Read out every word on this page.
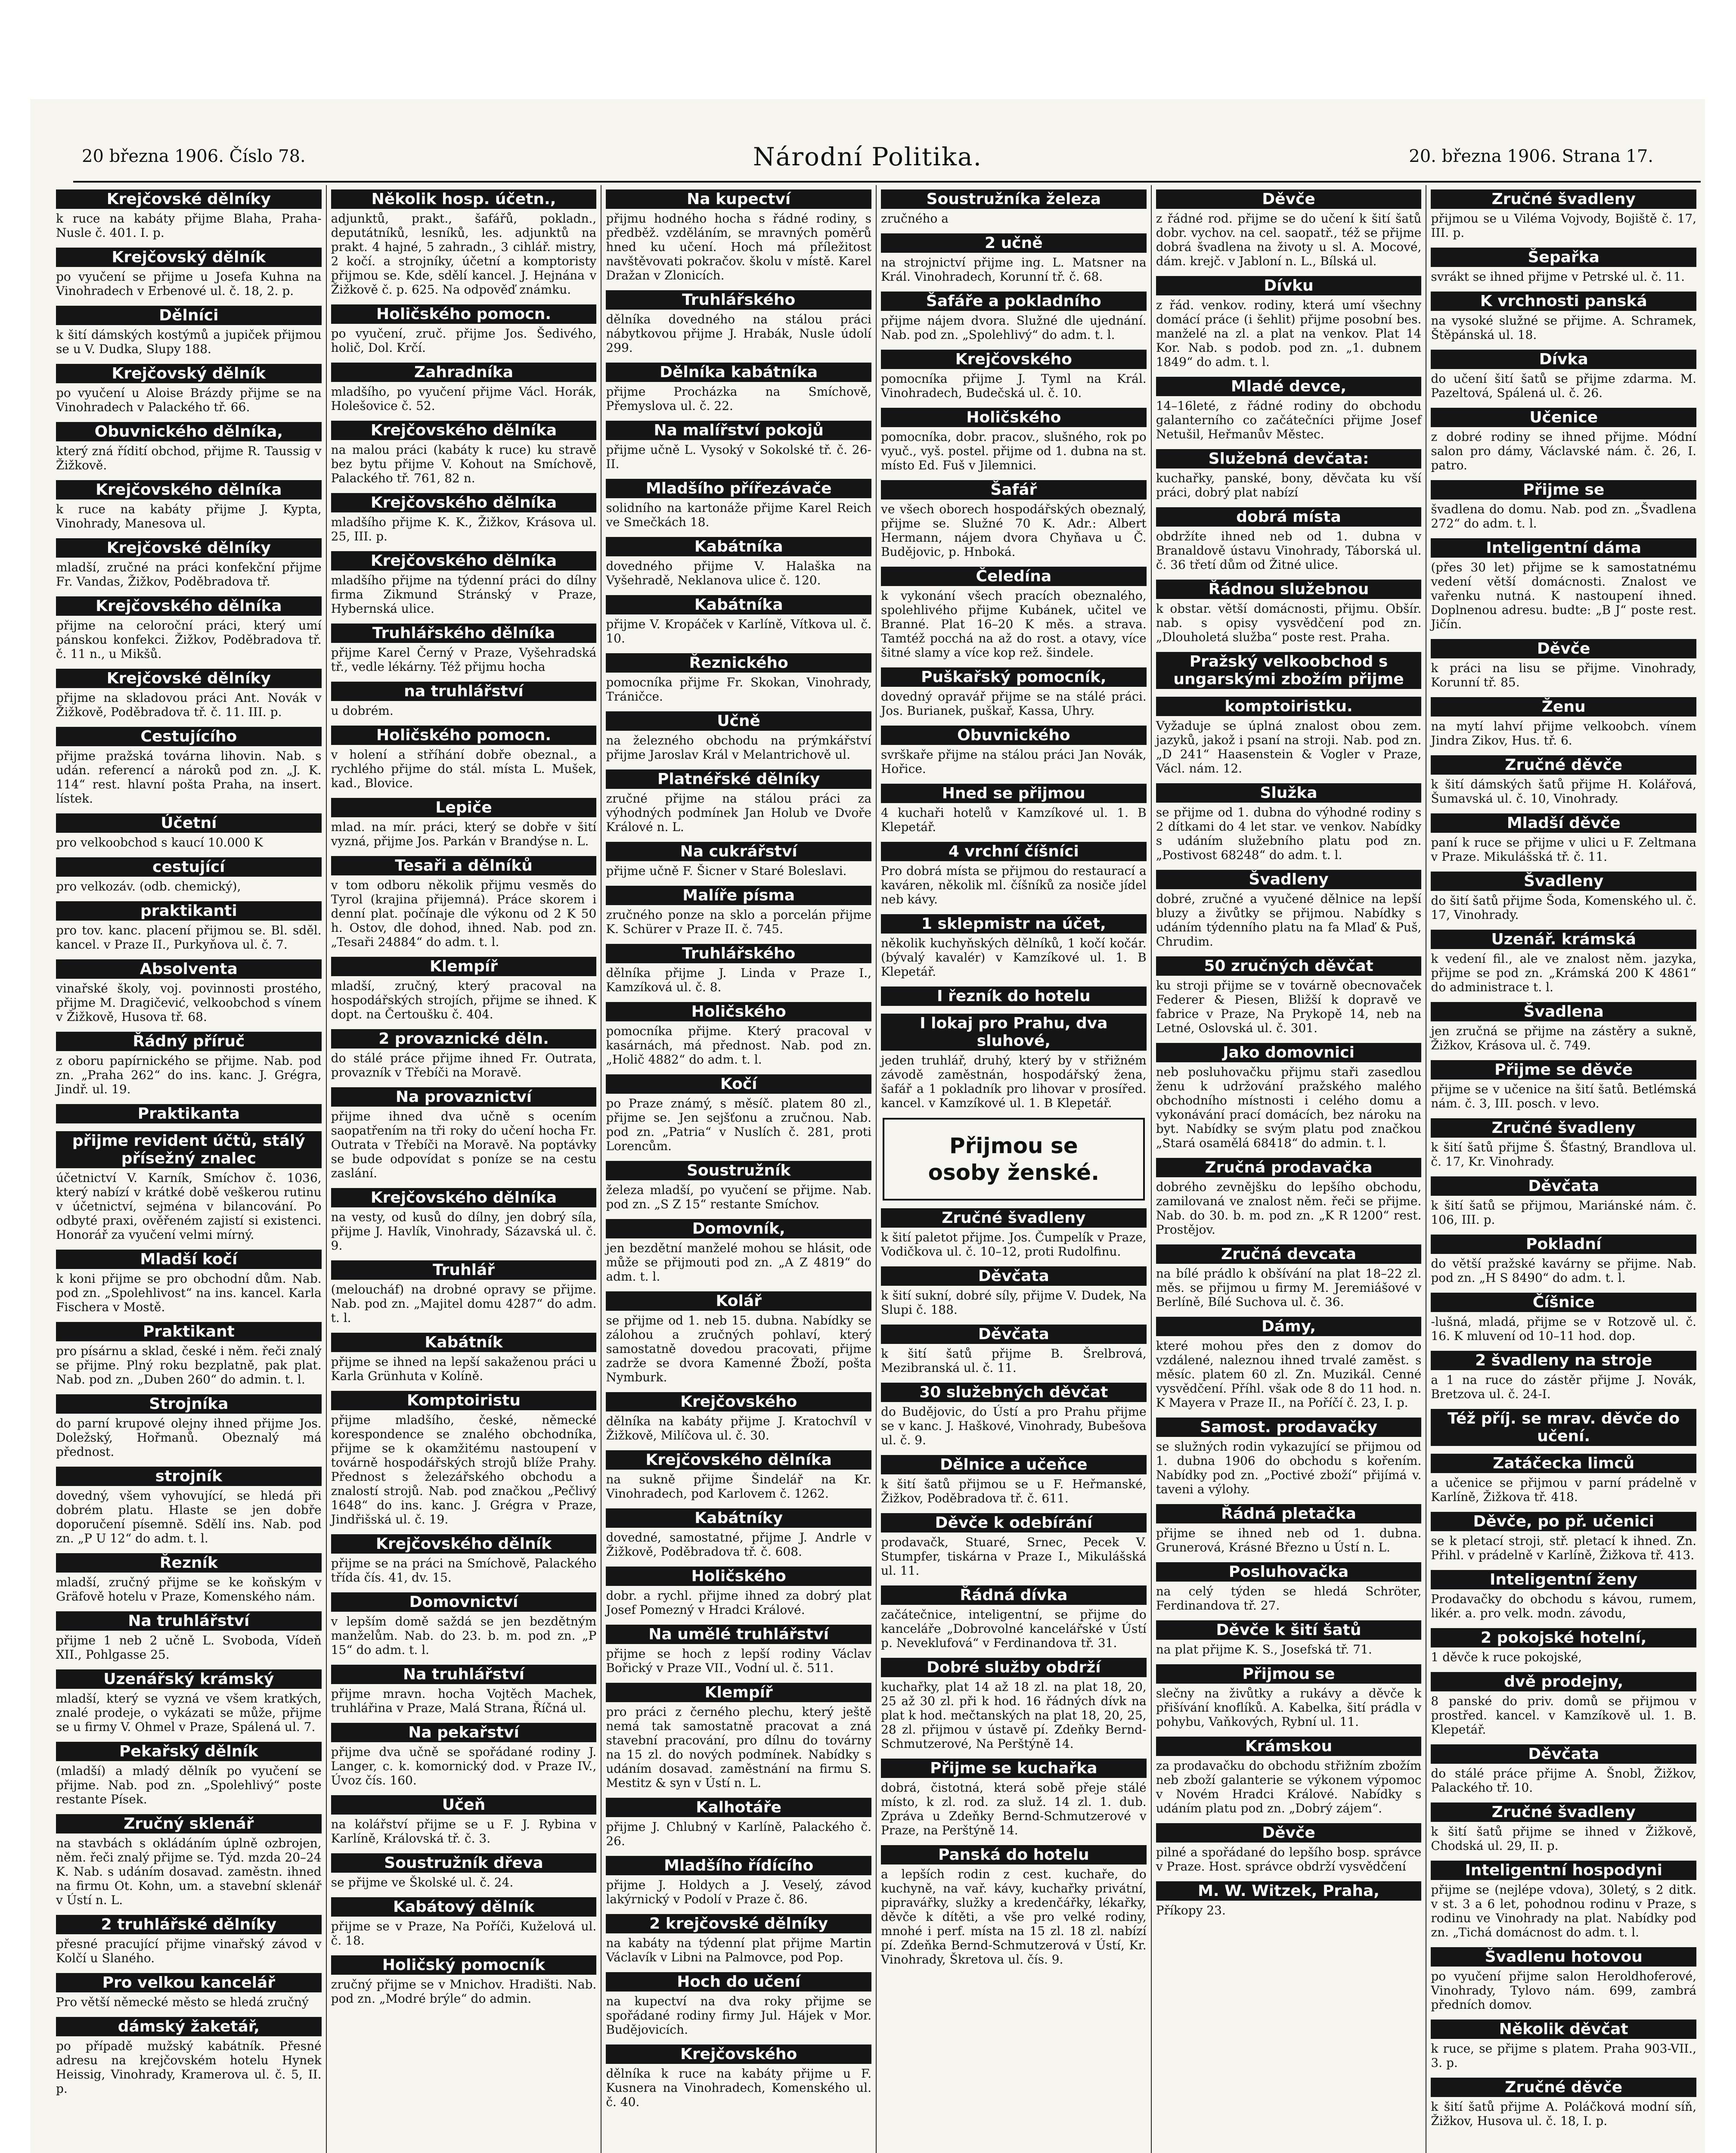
20 března 1906. Číslo 78.	Národní Politika.	20. března 1906. Strana 17.
Krejčovské dělníky

k ruce na kabáty přijme Blaha, Praha-Nusle č. 401. I. p.

Krejčovský dělník

po vyučení se přijme u Josefa Kuhna na Vinohradech v Erbenové ul. č. 18, 2. p.

Dělníci

k šití dámských kostýmů a jupiček přijmou se u V. Dudka, Slupy 188.

Krejčovský dělník

po vyučení u Aloise Brázdy přijme se na Vinohradech v Palackého tř. 66.

Obuvnického dělníka,

který zná řídití obchod, přijme R. Taussig v Žižkově.

Krejčovského dělníka

k ruce na kabáty přijme J. Kypta, Vinohrady, Manesova ul.

Krejčovské dělníky

mladší, zručné na práci konfekční přijme Fr. Vandas, Žižkov, Poděbradova tř.

Krejčovského dělníka

přijme na celoroční práci, který umí pánskou konfekci. Žižkov, Poděbradova tř. č. 11 n., u Mikšů.

Krejčovské dělníky

přijme na skladovou práci Ant. Novák v Žižkově, Poděbradova tř. č. 11. III. p.

Cestujícího

přijme pražská továrna lihovin. Nab. s udán. referencí a nároků pod zn. „J. K. 114“ rest. hlavní pošta Praha, na insert. lístek.

Účetní

pro velkoobchod s kaucí 10.000 K

cestující

pro velkozáv. (odb. chemický),

praktikanti

pro tov. kanc. placení přijmou se. Bl. sděl. kancel. v Praze II., Purkyňova ul. č. 7.

Absolventa

vinařské školy, voj. povinnosti prostého, přijme M. Dragičević, velkoobchod s vínem v Žižkově, Husova tř. 68.

Řádný příruč

z oboru papírnického se přijme. Nab. pod zn. „Praha 262“ do ins. kanc. J. Grégra, Jindř. ul. 19.

Praktikanta

přijme revident účtů, stálý přísežný znalec

účetnictví V. Karník, Smíchov č. 1036, který nabízí v krátké době veškerou rutinu v účetnictví, sejména v bilancování. Po odbyté praxi, ověřeném zajistí si existenci. Honorář za vyučení velmi mírný.

Mladší kočí

k koni přijme se pro obchodní dům. Nab. pod zn. „Spolehlivost“ na ins. kancel. Karla Fischera v Mostě.

Praktikant

pro písárnu a sklad, české i něm. řeči znalý se přijme. Plný roku bezplatně, pak plat. Nab. pod zn. „Duben 260“ do admin. t. l.

Strojníka

do parní krupové olejny ihned přijme Jos. Doležský, Hořmanů. Obeznalý má přednost.

strojník

dovedný, všem vyhovující, se hledá při dobrém platu. Hlaste se jen dobře doporučení písemně. Sdělí ins. Nab. pod zn. „P U 12“ do adm. t. l.

Řezník

mladší, zručný přijme se ke koňským v Gräfově hotelu v Praze, Komenského nám.

Na truhlářství

přijme 1 neb 2 učně L. Svoboda, Vídeň XII., Pohlgasse 25.

Uzenářský krámský

mladší, který se vyzná ve všem kratkých, znalé prodeje, o vykázati se může, přijme se u firmy V. Ohmel v Praze, Spálená ul. 7.

Pekařský dělník

(mladší) a mladý dělník po vyučení se přijme. Nab. pod zn. „Spolehlivý“ poste restante Písek.

Zručný sklenář

na stavbách s okládáním úplně ozbrojen, něm. řeči znalý přijme se. Týd. mzda 20–24 K. Nab. s udáním dosavad. zaměstn. ihned na firmu Ot. Kohn, um. a stavební sklenář v Ústí n. L.

2 truhlářské dělníky

přesné pracující přijme vinařský závod v Kolčí u Slaného.

Pro velkou kancelář

Pro větší německé město se hledá zručný

dámský žaketář,

po případě mužský kabátník. Přesné adresu na krejčovském hotelu Hynek Heissig, Vinohrady, Kramerova ul. č. 5, II. p.

Několik hosp. účetn.,

adjunktů, prakt., šafářů, pokladn., deputátníků, lesníků, les. adjunktů na prakt. 4 hajné, 5 zahradn., 3 cihlář. mistry, 2 kočí. a strojníky, účetní a komptoristy přijmou se. Kde, sdělí kancel. J. Hejnána v Žižkově č. p. 625. Na odpověď známku.

Holičského pomocn.

po vyučení, zruč. přijme Jos. Šedivého, holič, Dol. Krčí.

Zahradníka

mladšího, po vyučení přijme Václ. Horák, Holešovice č. 52.

Krejčovského dělníka

na malou práci (kabáty k ruce) ku stravě bez bytu přijme V. Kohout na Smíchově, Palackého tř. 761, 82 n.

Krejčovského dělníka

mladšího přijme K. K., Žižkov, Krásova ul. 25, III. p.

Krejčovského dělníka

mladšího přijme na týdenní práci do dílny firma Zikmund Stránský v Praze, Hybernská ulice.

Truhlářského dělníka

přijme Karel Černý v Praze, Vyšehradská tř., vedle lékárny. Též přijmu hocha

na truhlářství

u dobrém.

Holičského pomocn.

v holení a stříhání dobře obeznal., a rychlého přijme do stál. místa L. Mušek, kad., Blovice.

Lepiče

mlad. na mír. práci, který se dobře v šití vyzná, přijme Jos. Parkán v Brandýse n. L.

Tesaři a dělníků

v tom odboru několik přijmu vesměs do Tyrol (krajina přijemná). Práce skorem i denní plat. počínaje dle výkonu od 2 K 50 h. Ostov, dle dohod, ihned. Nab. pod zn. „Tesaři 24884“ do adm. t. l.

Klempíř

mladší, zručný, který pracoval na hospodářských strojích, přijme se ihned. K dopt. na Čertoušku č. 404.

2 provaznické děln.

do stálé práce přijme ihned Fr. Outrata, provazník v Třebíči na Moravě.

Na provaznictví

přijme ihned dva učně s ocením saopatřením na tři roky do učení hocha Fr. Outrata v Třebíči na Moravě. Na poptávky se bude odpovídat s poníze se na cestu zaslání.

Krejčovského dělníka

na vesty, od kusů do dílny, jen dobrý síla, přijme J. Havlík, Vinohrady, Sázavská ul. č. 9.

Truhlář

(meloucháf) na drobné opravy se přijme. Nab. pod zn. „Majitel domu 4287“ do adm. t. l.

Kabátník

přijme se ihned na lepší sakaženou práci u Karla Grünhuta v Kolíně.

Komptoiristu

přijme mladšího, české, německé korespondence se znalého obchodníka, přijme se k okamžitému nastoupení v továrně hospodářských strojů blíže Prahy. Přednost s železářského obchodu a znalostí strojů. Nab. pod značkou „Pečlivý 1648“ do ins. kanc. J. Grégra v Praze, Jindřišská ul. č. 19.

Krejčovského dělník

přijme se na práci na Smíchově, Palackého třída čís. 41, dv. 15.

Domovnictví

v lepším domě saždá se jen bezdětným manželům. Nab. do 23. b. m. pod zn. „P 15“ do adm. t. l.

Na truhlářství

přijme mravn. hocha Vojtěch Machek, truhlářina v Praze, Malá Strana, Říčná ul.

Na pekařství

přijme dva učně se spořádané rodiny J. Langer, c. k. komornický dod. v Praze IV., Úvoz čís. 160.

Učeň

na kolářství přijme se u F. J. Rybina v Karlíně, Královská tř. č. 3.

Soustružník dřeva

se přijme ve Školské ul. č. 24.

Kabátový dělník

přijme se v Praze, Na Poříči, Kuželová ul. č. 18.

Holičský pomocník

zručný přijme se v Mnichov. Hradišti. Nab. pod zn. „Modré brýle“ do admin.

Na kupectví

přijmu hodného hocha s řádné rodiny, s předběž. vzděláním, se mravných poměrů hned ku učení. Hoch má příležitost navštěvovati pokračov. školu v místě. Karel Dražan v Zlonicích.

Truhlářského

dělníka dovedného na stálou práci nábytkovou přijme J. Hrabák, Nusle údolí 299.

Dělníka kabátníka

přijme Procházka na Smíchově, Přemyslova ul. č. 22.

Na malířství pokojů

přijme učně L. Vysoký v Sokolské tř. č. 26-II.

Mladšího přířezávače

solidního na kartonáže přijme Karel Reich ve Smečkách 18.

Kabátníka

dovedného přijme V. Halaška na Vyšehradě, Neklanova ulice č. 120.

Kabátníka

přijme V. Kropáček v Karlíně, Vítkova ul. č. 10.

Řeznického

pomocníka přijme Fr. Skokan, Vinohrady, Tráničce.

Učně

na železného obchodu na prýmkářství přijme Jaroslav Král v Melantrichově ul.

Platnéřské dělníky

zručné přijme na stálou práci za výhodných podmínek Jan Holub ve Dvoře Králové n. L.

Na cukrářství

přijme učně F. Šicner v Staré Boleslavi.

Malíře písma

zručného ponze na sklo a porcelán přijme K. Schürer v Praze II. č. 745.

Truhlářského

dělníka přijme J. Linda v Praze I., Kamzíková ul. č. 8.

Holičského

pomocníka přijme. Který pracoval v kasárnách, má přednost. Nab. pod zn. „Holič 4882“ do adm. t. l.

Kočí

po Praze známý, s měsíč. platem 80 zl., přijme se. Jen sejšťonu a zručnou. Nab. pod zn. „Patria“ v Nuslích č. 281, proti Lorencům.

Soustružník

železa mladší, po vyučení se přijme. Nab. pod zn. „S Z 15“ restante Smíchov.

Domovník,

jen bezdětní manželé mohou se hlásit, ode může se přijmouti pod zn. „A Z 4819“ do adm. t. l.

Kolář

se přijme od 1. neb 15. dubna. Nabídky se zálohou a zručných pohlaví, který samostatně dovedou pracovati, přijme zadrže se dvora Kamenné Žboží, pošta Nymburk.

Krejčovského

dělníka na kabáty přijme J. Kratochvíl v Žižkově, Milíčova ul. č. 30.

Krejčovského dělníka

na sukně přijme Šindelář na Kr. Vinohradech, pod Karlovem č. 1262.

Kabátníky

dovedné, samostatné, přijme J. Andrle v Žižkově, Poděbradova tř. č. 608.

Holičského

dobr. a rychl. přijme ihned za dobrý plat Josef Pomezný v Hradci Králové.

Na umělé truhlářství

přijme se hoch z lepší rodiny Václav Bořický v Praze VII., Vodní ul. č. 511.

Klempíř

pro práci z černého plechu, který ještě nemá tak samostatně pracovat a zná stavební pracování, pro dílnu do továrny na 15 zl. do nových podmínek. Nabídky s udáním dosavad. zaměstnání na firmu S. Mestitz & syn v Ústí n. L.

Kalhotáře

přijme J. Chlubný v Karlíně, Palackého č. 26.

Mladšího řídícího

přijme J. Holdych a J. Veselý, závod lakýrnický v Podolí v Praze č. 86.

2 krejčovské dělníky

na kabáty na týdenní plat přijme Martin Václavík v Libni na Palmovce, pod Pop.

Hoch do učení

na kupectví na dva roky přijme se spořádané rodiny firmy Jul. Hájek v Mor. Budějovicích.

Krejčovského

dělníka k ruce na kabáty přijme u F. Kusnera na Vinohradech, Komenského ul. č. 40.

Soustružníka železa

zručného a

2 učně

na strojnictví přijme ing. L. Matsner na Král. Vinohradech, Korunní tř. č. 68.

Šafáře a pokladního

přijme nájem dvora. Služné dle ujednání. Nab. pod zn. „Spolehlivý“ do adm. t. l.

Krejčovského

pomocníka přijme J. Tyml na Král. Vinohradech, Budečská ul. č. 10.

Holičského

pomocníka, dobr. pracov., slušného, rok po vyuč., vyš. postel. přijme od 1. dubna na st. místo Ed. Fuš v Jilemnici.

Šafář

ve všech oborech hospodářských obeznalý, přijme se. Služné 70 K. Adr.: Albert Hermann, nájem dvora Chyňava u Č. Budějovic, p. Hnboká.

Čeledína

k vykonání všech pracích obeznalého, spolehlivého přijme Kubánek, učitel ve Branné. Plat 16–20 K měs. a strava. Tamtéž pocchá na až do rost. a otavy, více šitné slamy a více kop rež. šindele.

Puškařský pomocník,

dovedný opravář přijme se na stálé práci. Jos. Burianek, puškař, Kassa, Uhry.

Obuvnického

svrškaře přijme na stálou práci Jan Novák, Hořice.

Hned se přijmou

4 kuchaři hotelů v Kamzíkové ul. 1. B Klepetář.

4 vrchní číšníci

Pro dobrá místa se přijmou do restaurací a kaváren, několik ml. číšníků za nosiče jídel neb kávy.

1 sklepmistr na účet,

několik kuchyňských dělníků, 1 kočí kočár. (bývalý kavalér) v Kamzíkové ul. 1. B Klepetář.

I řezník do hotelu

I lokaj pro Prahu, dva sluhové,

jeden truhlář, druhý, který by v střižném závodě zaměstnán, hospodářský žena, šafář a 1 pokladník pro lihovar v prosířed. kancel. v Kamzíkové ul. 1. B Klepetář.

Přijmou se
osoby ženské.
Zručné švadleny

k šití paletot přijme. Jos. Čumpelík v Praze, Vodičkova ul. č. 10–12, proti Rudolfinu.

Děvčata

k šití sukní, dobré síly, přijme V. Dudek, Na Slupi č. 188.

Děvčata

k šití šatů přijme B. Šrelbrová, Mezibranská ul. č. 11.

30 služebných děvčat

do Budějovic, do Ústí a pro Prahu přijme se v kanc. J. Haškové, Vinohrady, Bubešova ul. č. 9.

Dělnice a učeňce

k šití šatů přijmou se u F. Heřmanské, Žižkov, Poděbradova tř. č. 611.

Děvče k odebírání

prodavačk, Stuaré, Srnec, Pecek V. Stumpfer, tiskárna v Praze I., Mikulášská ul. 11.

Řádná dívka

začátečnice, inteligentní, se přijme do kanceláře „Dobrovolné kancelářské v Ústí p. Neveklufová“ v Ferdinandova tř. 31.

Dobré služby obdrží

kuchařky, plat 14 až 18 zl. na plat 18, 20, 25 až 30 zl. při k hod. 16 řádných dívk na plat k hod. mečtanských na plat 18, 20, 25, 28 zl. přijmou v ústavě pí. Zdeňky Bernd-Schmutzerové, Na Perštýně 14.

Přijme se kuchařka

dobrá, čistotná, která sobě přeje stálé místo, k zl. rod. za služ. 14 zl. 1. dub. Zpráva u Zdeňky Bernd-Schmutzerové v Praze, na Perštýně 14.

Panská do hotelu

a lepších rodin z cest. kuchaře, do kuchyně, na vař. kávy, kuchařky privátní, pipravářky, služky a kredenčářky, lékařky, děvče k dítěti, a vše pro velké rodiny, mnohé i perf. místa na 15 zl. 18 zl. nabízí pí. Zdeňka Bernd-Schmutzerová v Ústí, Kr. Vinohrady, Škretova ul. čís. 9.

Děvče

z řádné rod. přijme se do učení k šití šatů dobr. vychov. na cel. saopatř., též se přijme dobrá švadlena na životy u sl. A. Mocové, dám. krejč. v Jabloní n. L., Bílská ul.

Dívku

z řád. venkov. rodiny, která umí všechny domácí práce (i šehlit) přijme posobní bes. manželé na zl. a plat na venkov. Plat 14 Kor. Nab. s podob. pod zn. „1. dubnem 1849“ do adm. t. l.

Mladé devce,

14–16leté, z řádné rodiny do obchodu galanterního co začátečníci přijme Josef Netušil, Heřmanův Městec.

Služebná devčata:

kuchařky, panské, bony, děvčata ku vší práci, dobrý plat nabízí

dobrá místa

obdržíte ihned neb od 1. dubna v Branaldově ústavu Vinohrady, Táborská ul. č. 36 třetí dům od Žitné ulice.

Řádnou služebnou

k obstar. větší domácnosti, přijmu. Obšír. nab. s opisy vysvědčení pod zn. „Dlouholetá služba“ poste rest. Praha.

Pražský velkoobchod s ungarskými zbožím přijme

komptoiristku.

Vyžaduje se úplná znalost obou zem. jazyků, jakož i psaní na stroji. Nab. pod zn. „D 241“ Haasenstein & Vogler v Praze, Václ. nám. 12.

Služka

se přijme od 1. dubna do výhodné rodiny s 2 dítkami do 4 let star. ve venkov. Nabídky s udáním služebního platu pod zn. „Postivost 68248“ do adm. t. l.

Švadleny

dobré, zručné a vyučené dělnice na lepší bluzy a živůtky se přijmou. Nabídky s udáním týdenního platu na fa Mlaď & Puš, Chrudim.

50 zručných děvčat

ku stroji přijme se v továrně obecnovaček Federer & Piesen, Bližší k dopravě ve fabrice v Praze, Na Prykopě 14, neb na Letné, Oslovská ul. č. 301.

Jako domovnici

neb posluhovačku přijmu staři zasedlou ženu k udržování pražského malého obchodního místnosti i celého domu a vykonávání prací domácích, bez nároku na byt. Nabídky se svým platu pod značkou „Stará osamělá 68418“ do admin. t. l.

Zručná prodavačka

dobrého zevnějšku do lepšího obchodu, zamilovaná ve znalost něm. řeči se přijme. Nab. do 30. b. m. pod zn. „K R 1200“ rest. Prostějov.

Zručná devcata

na bílé prádlo k obšívání na plat 18–22 zl. měs. se přijmou u firmy M. Jeremiášové v Berlíně, Bílé Suchova ul. č. 36.

Dámy,

které mohou přes den z domov do vzdálené, naleznou ihned trvalé zaměst. s měsíc. platem 60 zl. Zn. Muzikál. Cenné vysvědčení. Příhl. však ode 8 do 11 hod. n. K Mayera v Praze II., na Poříčí č. 23, I. p.

Samost. prodavačky

se služných rodin vykazující se přijmou od 1. dubna 1906 do obchodu s kořením. Nabídky pod zn. „Poctivé zboží“ přijímá v. taveni a výlohy.

Řádná pletačka

přijme se ihned neb od 1. dubna. Grunerová, Krásné Březno u Ústí n. L.

Posluhovačka

na celý týden se hledá Schröter, Ferdinandova tř. 27.

Děvče k šití šatů

na plat přijme K. S., Josefská tř. 71.

Přijmou se

slečny na živůtky a rukávy a děvče k přišívání knoflíků. A. Kabelka, šití prádla v pohybu, Vaňkových, Rybní ul. 11.

Krámskou

za prodavačku do obchodu střižním zbožím neb zboží galanterie se výkonem výpomoc v Novém Hradci Králové. Nabídky s udáním platu pod zn. „Dobrý zájem“.

Děvče

pilné a spořádané do lepšího bosp. správce v Praze. Host. správce obdrží vysvědčení

M. W. Witzek, Praha,

Příkopy 23.

Zručné švadleny

přijmou se u Viléma Vojvody, Bojiště č. 17, III. p.

Šepařka

svrákt se ihned přijme v Petrské ul. č. 11.

K vrchnosti panská

na vysoké služné se přijme. A. Schramek, Štěpánská ul. 18.

Dívka

do učení šití šatů se přijme zdarma. M. Pazeltová, Spálená ul. č. 26.

Učenice

z dobré rodiny se ihned přijme. Módní salon pro dámy, Václavské nám. č. 26, I. patro.

Přijme se

švadlena do domu. Nab. pod zn. „Švadlena 272“ do adm. t. l.

Inteligentní dáma

(přes 30 let) přijme se k samostatnému vedení větší domácnosti. Znalost ve vařenku nutná. K nastoupení ihned. Doplnenou adresu. budte: „B J“ poste rest. Jičín.

Děvče

k práci na lisu se přijme. Vinohrady, Korunní tř. 85.

Ženu

na mytí lahví přijme velkoobch. vínem Jindra Zikov, Hus. tř. 6.

Zručné děvče

k šití dámských šatů přijme H. Kolářová, Šumavská ul. č. 10, Vinohrady.

Mladší děvče

paní k ruce se přijme v ulici u F. Zeltmana v Praze. Mikulášská tř. č. 11.

Švadleny

do šití šatů přijme Šoda, Komenského ul. č. 17, Vinohrady.

Uzenář. krámská

k vedení fil., ale ve znalost něm. jazyka, přijme se pod zn. „Krámská 200 K 4861“ do administrace t. l.

Švadlena

jen zručná se přijme na zástěry a sukně, Žižkov, Krásova ul. č. 749.

Přijme se děvče

přijme se v učenice na šití šatů. Betlémská nám. č. 3, III. posch. v levo.

Zručné švadleny

k šití šatů přijme Š. Šťastný, Brandlova ul. č. 17, Kr. Vinohrady.

Děvčata

k šití šatů se přijmou, Mariánské nám. č. 106, III. p.

Pokladní

do větší pražské kavárny se přijme. Nab. pod zn. „H S 8490“ do adm. t. l.

Číšnice

-lušná, mladá, přijme se v Rotzově ul. č. 16. K mluvení od 10–11 hod. dop.

2 švadleny na stroje

a 1 na ruce do zástěr přijme J. Novák, Bretzova ul. č. 24-I.

Též příj. se mrav. děvče do učení.

Zatáčecka limců

a učenice se přijmou v parní prádelně v Karlíně, Žižkova tř. 418.

Děvče, po př. učenici

se k pletací stroji, stř. pletací k ihned. Zn. Přihl. v prádelně v Karlíně, Žižkova tř. 413.

Inteligentní ženy

Prodavačky do obchodu s kávou, rumem, likér. a. pro velk. modn. závodu,

2 pokojské hotelní,

1 děvče k ruce pokojské,

dvě prodejny,

8 panské do priv. domů se přijmou v prostřed. kancel. v Kamzíkově ul. 1. B. Klepetář.

Děvčata

do stálé práce přijme A. Šnobl, Žižkov, Palackého tř. 10.

Zručné švadleny

k šití šatů přijme se ihned v Žižkově, Chodská ul. 29, II. p.

Inteligentní hospodyni

přijme se (nejlépe vdova), 30letý, s 2 ditk. v st. 3 a 6 let, pohodnou rodinu v Praze, s rodinu ve Vinohrady na plat. Nabídky pod zn. „Tichá domácnost do adm. t. l.

Švadlenu hotovou

po vyučení přijme salon Heroldhoferové, Vinohrady, Tylovo nám. 699, zambrá předních domov.

Několik děvčat

k ruce, se přijme s platem. Praha 903-VII., 3. p.

Zručné děvče

k šití šatů přijme A. Poláčková modní síň, Žižkov, Husova ul. č. 18, I. p.
